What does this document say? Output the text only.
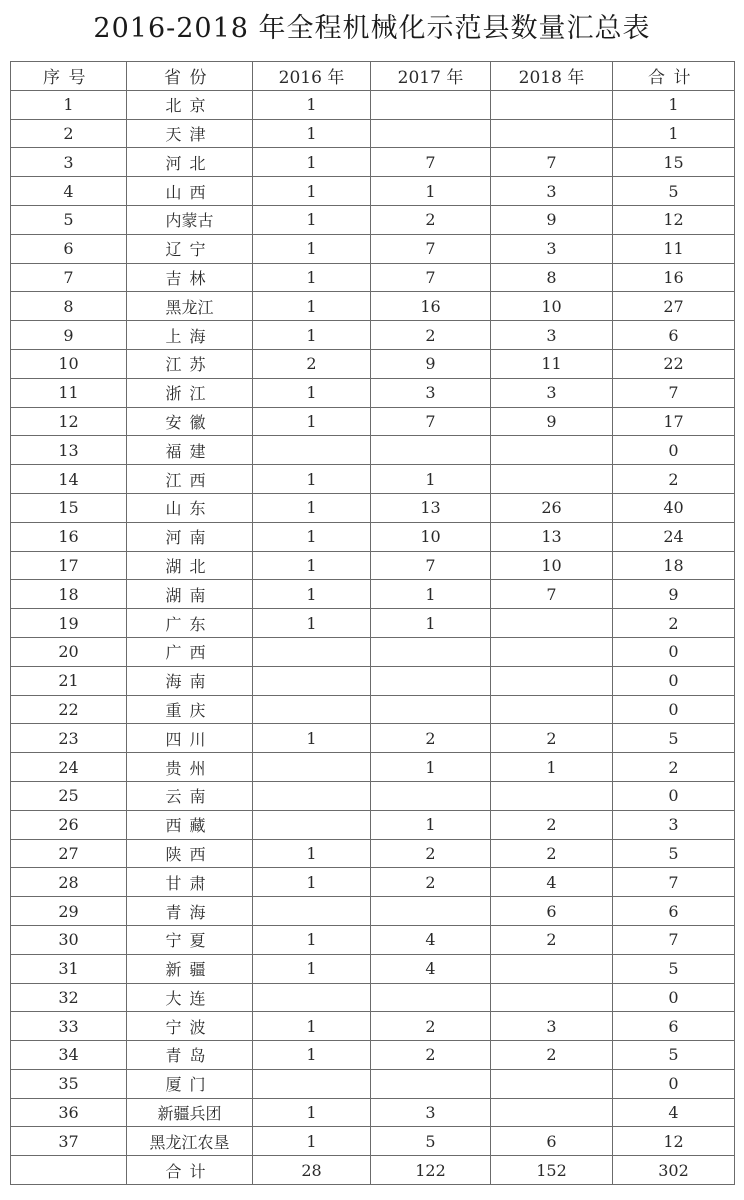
2016-2018 年全程机械化示范县数量汇总表
序号	省份	2016 年	2017 年	2018 年	合计
1	北京	1			1
2	天津	1			1
3	河北	1	7	7	15
4	山西	1	1	3	5
5	内蒙古	1	2	9	12
6	辽宁	1	7	3	11
7	吉林	1	7	8	16
8	黑龙江	1	16	10	27
9	上海	1	2	3	6
10	江苏	2	9	11	22
11	浙江	1	3	3	7
12	安徽	1	7	9	17
13	福建				0
14	江西	1	1		2
15	山东	1	13	26	40
16	河南	1	10	13	24
17	湖北	1	7	10	18
18	湖南	1	1	7	9
19	广东	1	1		2
20	广西				0
21	海南				0
22	重庆				0
23	四川	1	2	2	5
24	贵州		1	1	2
25	云南				0
26	西藏		1	2	3
27	陕西	1	2	2	5
28	甘肃	1	2	4	7
29	青海			6	6
30	宁夏	1	4	2	7
31	新疆	1	4		5
32	大连				0
33	宁波	1	2	3	6
34	青岛	1	2	2	5
35	厦门				0
36	新疆兵团	1	3		4
37	黑龙江农垦	1	5	6	12
	合计	28	122	152	302
